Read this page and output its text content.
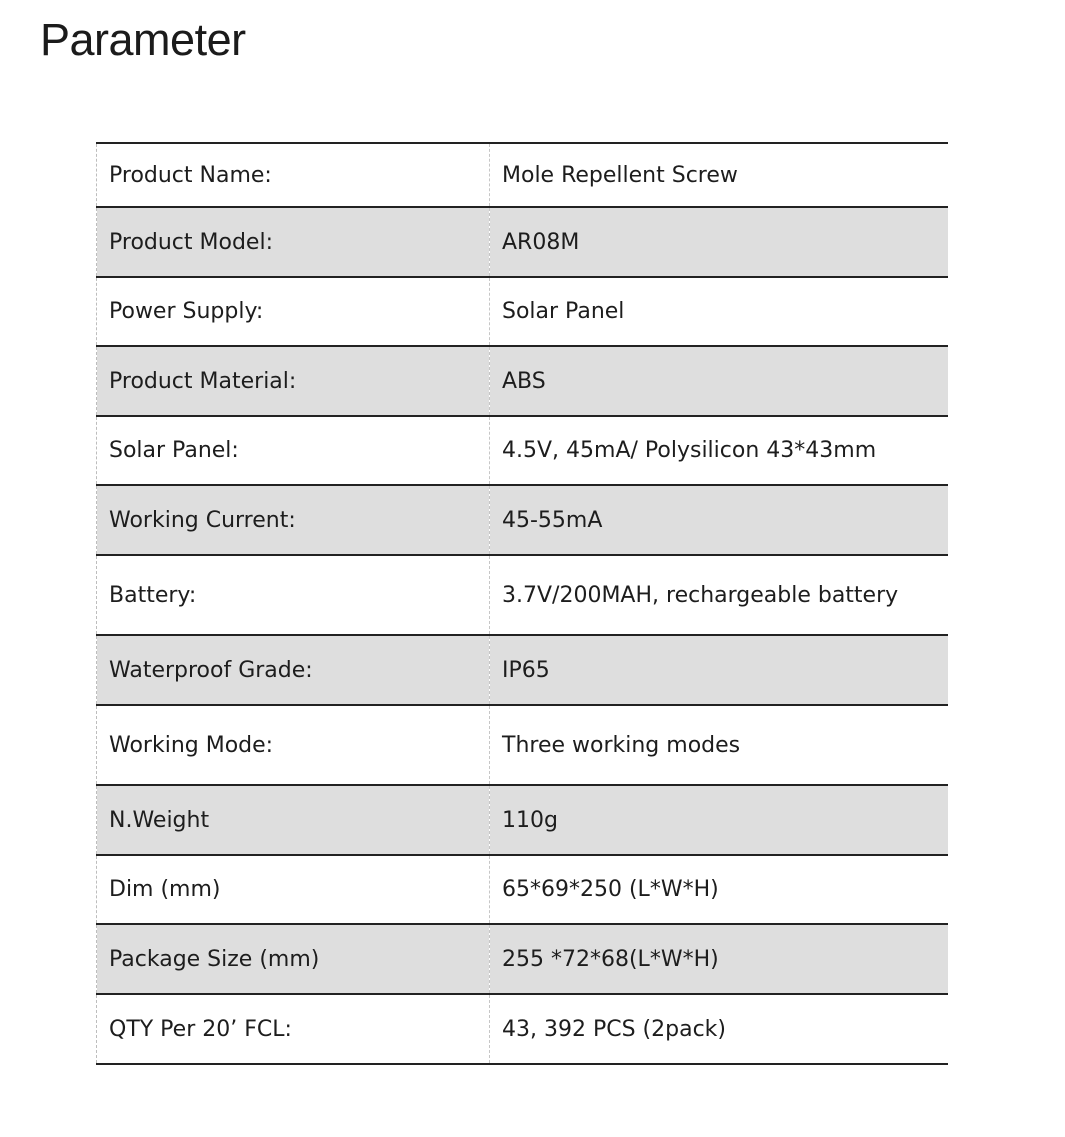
Parameter
Product Name:	Mole Repellent Screw
Product Model:	AR08M
Power Supply:	Solar Panel
Product Material:	ABS
Solar Panel:	4.5V, 45mA/ Polysilicon 43*43mm
Working Current:	45-55mA
Battery:	3.7V/200MAH, rechargeable battery
Waterproof Grade:	IP65
Working Mode:	Three working modes
N.Weight	110g
Dim (mm)	65*69*250 (L*W*H)
Package Size (mm)	255 *72*68(L*W*H)
QTY Per 20’ FCL:	43, 392 PCS (2pack)
